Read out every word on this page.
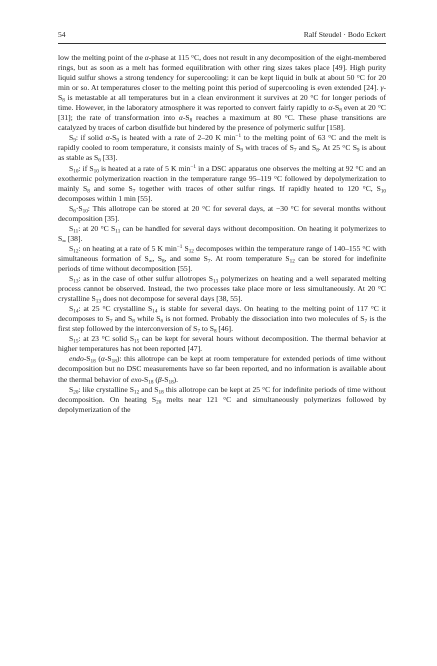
54	Ralf Steudel · Bodo Eckert

low the melting point of the α-phase at 115 °C, does not result in any decomposition of the eight-membered rings, but as soon as a melt has formed equilibration with other ring sizes takes place [49]. High purity liquid sulfur shows a strong tendency for supercooling: it can be kept liquid in bulk at about 50 °C for 20 min or so. At temperatures closer to the melting point this period of supercooling is even extended [24]. $\gamma-S_8$ is metastable at all temperatures but in a clean environment it survives at 20 °C for longer periods of time. However, in the laboratory atmosphere it was reported to convert fairly rapidly to $\alpha-S_8$ even at 20 °C [31]; the rate of transformation into $\alpha-S_8$ reaches a maximum at 80 °C. These phase transitions are catalyzed by traces of carbon disulfide but hindered by the presence of polymeric sulfur [158].

$S_9$: if solid $\alpha-S_9$ is heated with a rate of 2–20 K $\min^{-1}$ to the melting point of 63 °C and the melt is rapidly cooled to room temperature, it consists mainly of $S_9$ with traces of $S_7$ and $S_8$. At 25 °C $S_9$ is about as stable as $S_6$ [33].

$S_{10}$: if $S_{10}$ is heated at a rate of 5 K $\min^{-1}$ in a DSC apparatus one observes the melting at 92 °C and an exothermic polymerization reaction in the temperature range 95–119 °C followed by depolymerization to mainly $S_8$ and some $S_7$ together with traces of other sulfur rings. If rapidly heated to 120 °C, $S_{10}$ decomposes within 1 min [55].

$S_6\cdot S_{10}$: This allotrope can be stored at 20 °C for several days, at −30 °C for several months without decomposition [35].

$S_{11}$: at 20 °C $S_{11}$ can be handled for several days without decomposition. On heating it polymerizes to $S_\infty$ [38].

$S_{12}$: on heating at a rate of 5 K $\min^{-1} S_{12}$ decomposes within the temperature range of 140–155 °C with simultaneous formation of $S_\infty$, $S_8$, and some $S_7$. At room temperature $S_{12}$ can be stored for indefinite periods of time without decomposition [55].

$S_{13}$: as in the case of other sulfur allotropes $S_{13}$ polymerizes on heating and a well separated melting process cannot be observed. Instead, the two processes take place more or less simultaneously. At 20 °C crystalline $S_{13}$ does not decompose for several days [38, 55].

$S_{14}$: at 25 °C crystalline $S_{14}$ is stable for several days. On heating to the melting point of 117 °C it decomposes to $S_7$ and $S_8$ while $S_6$ is not formed. Probably the dissociation into two molecules of $S_7$ is the first step followed by the interconversion of $S_7$ to $S_8$ [46].

$S_{15}$: at 23 °C solid $S_{15}$ can be kept for several hours without decomposition. The thermal behavior at higher temperatures has not been reported [47].

endo-$S_{18}$ $(\alpha-S_{18})$: this allotrope can be kept at room temperature for extended periods of time without decomposition but no DSC measurements have so far been reported, and no information is available about the thermal behavior of exo-$S_{18}$ $(\beta-S_{18})$.

$S_{20}$: like crystalline $S_{12}$ and $S_{18}$ this allotrope can be kept at 25 °C for indefinite periods of time without decomposition. On heating $S_{20}$ melts near 121 °C and simultaneously polymerizes followed by depolymerization of the
